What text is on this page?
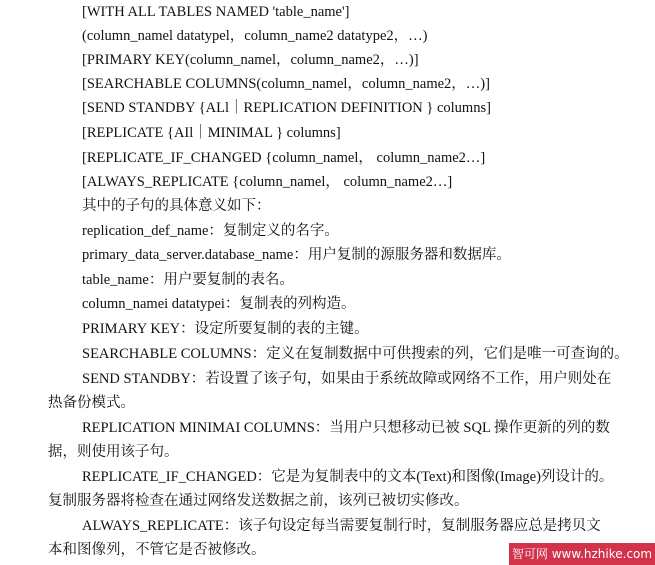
[WITH ALL TABLES NAMED 'table_name']
(column_namel datatypel，column_name2 datatype2，…)
[PRIMARY KEY(column_namel，column_name2，…)]
[SEARCHABLE COLUMNS(column_namel，column_name2，…)]
[SEND STANDBY {ALl｜REPLICATION DEFINITION } columns]
[REPLICATE {AIl｜MINIMAL } columns]
[REPLICATE_IF_CHANGED {column_namel， column_name2…]
[ALWAYS_REPLICATE {column_namel， column_name2…]
其中的子句的具体意义如下：
replication_def_name：复制定义的名字。
primary_data_server.database_name：用户复制的源服务器和数据库。
table_name：用户要复制的表名。
column_namei datatypei：复制表的列构造。
PRIMARY KEY：设定所要复制的表的主键。
SEARCHABLE COLUMNS：定义在复制数据中可供搜索的列，它们是唯一可查询的。
SEND STANDBY：若设置了该子句，如果由于系统故障或网络不工作，用户则处在
热备份模式。
REPLICATION MINIMAI COLUMNS：当用户只想移动已被 SQL 操作更新的列的数
据，则使用该子句。
REPLICATE_IF_CHANGED：它是为复制表中的文本(Text)和图像(Image)列设计的。
复制服务器将检查在通过网络发送数据之前，该列已被切实修改。
ALWAYS_REPLICATE：该子句设定每当需要复制行时，复制服务器应总是拷贝文
本和图像列，不管它是否被修改。	智可网 www.hzhike.com
